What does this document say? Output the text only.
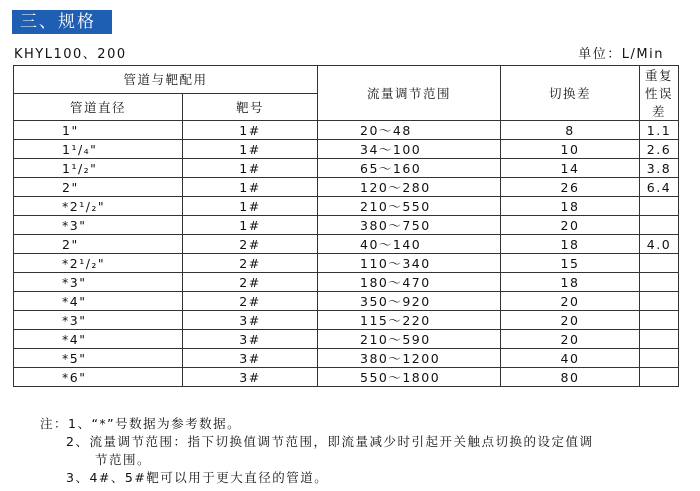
三、规格
KHYL100、200	单位：L/Min
管道与靶配用		流量调节范围	切换差	重复性误差
管道直径	靶号			
1"	1#	20～48	8	1.1
1¹/₄"	1#	34～100	10	2.6
1¹/₂"	1#	65～160	14	3.8
2"	1#	120～280	26	6.4
*2¹/₂"	1#	210～550	18	
*3"	1#	380～750	20	
2"	2#	40～140	18	4.0
*2¹/₂"	2#	110～340	15	
*3"	2#	180～470	18	
*4"	2#	350～920	20	
*3"	3#	115～220	20	
*4"	3#	210～590	20	
*5"	3#	380～1200	40	
*6"	3#	550～1800	80	
注：1、“*”号数据为参考数据。
2、流量调节范围：指下切换值调节范围，即流量减少时引起开关触点切换的设定值调
节范围。
3、4#、5#靶可以用于更大直径的管道。
